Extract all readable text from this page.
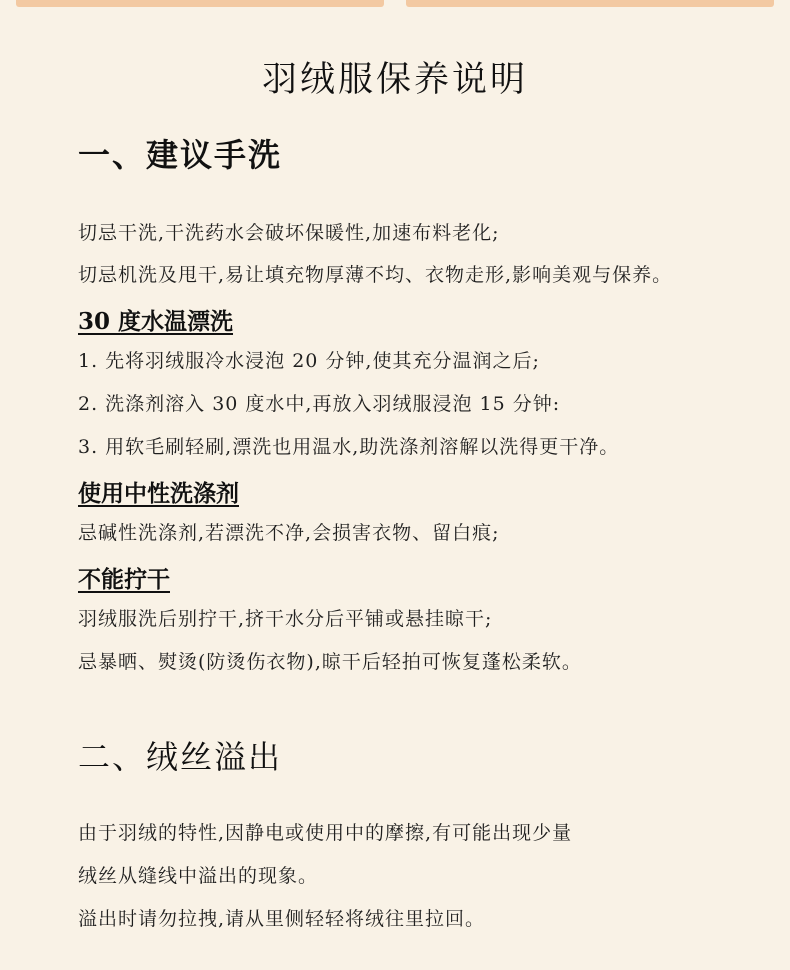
羽绒服保养说明
一、建议手洗
切忌干洗,干洗药水会破坏保暖性,加速布料老化;
切忌机洗及甩干,易让填充物厚薄不均、衣物走形,影响美观与保养。
30 度水温漂洗
1. 先将羽绒服冷水浸泡 20 分钟,使其充分温润之后;
2. 洗涤剂溶入 30 度水中,再放入羽绒服浸泡 15 分钟:
3. 用软毛刷轻刷,漂洗也用温水,助洗涤剂溶解以洗得更干净。
使用中性洗涤剂
忌碱性洗涤剂,若漂洗不净,会损害衣物、留白痕;
不能拧干
羽绒服洗后别拧干,挤干水分后平铺或悬挂晾干;
忌暴晒、熨烫(防烫伤衣物),晾干后轻拍可恢复蓬松柔软。
二、绒丝溢出
由于羽绒的特性,因静电或使用中的摩擦,有可能出现少量
绒丝从缝线中溢出的现象。
溢出时请勿拉拽,请从里侧轻轻将绒往里拉回。
